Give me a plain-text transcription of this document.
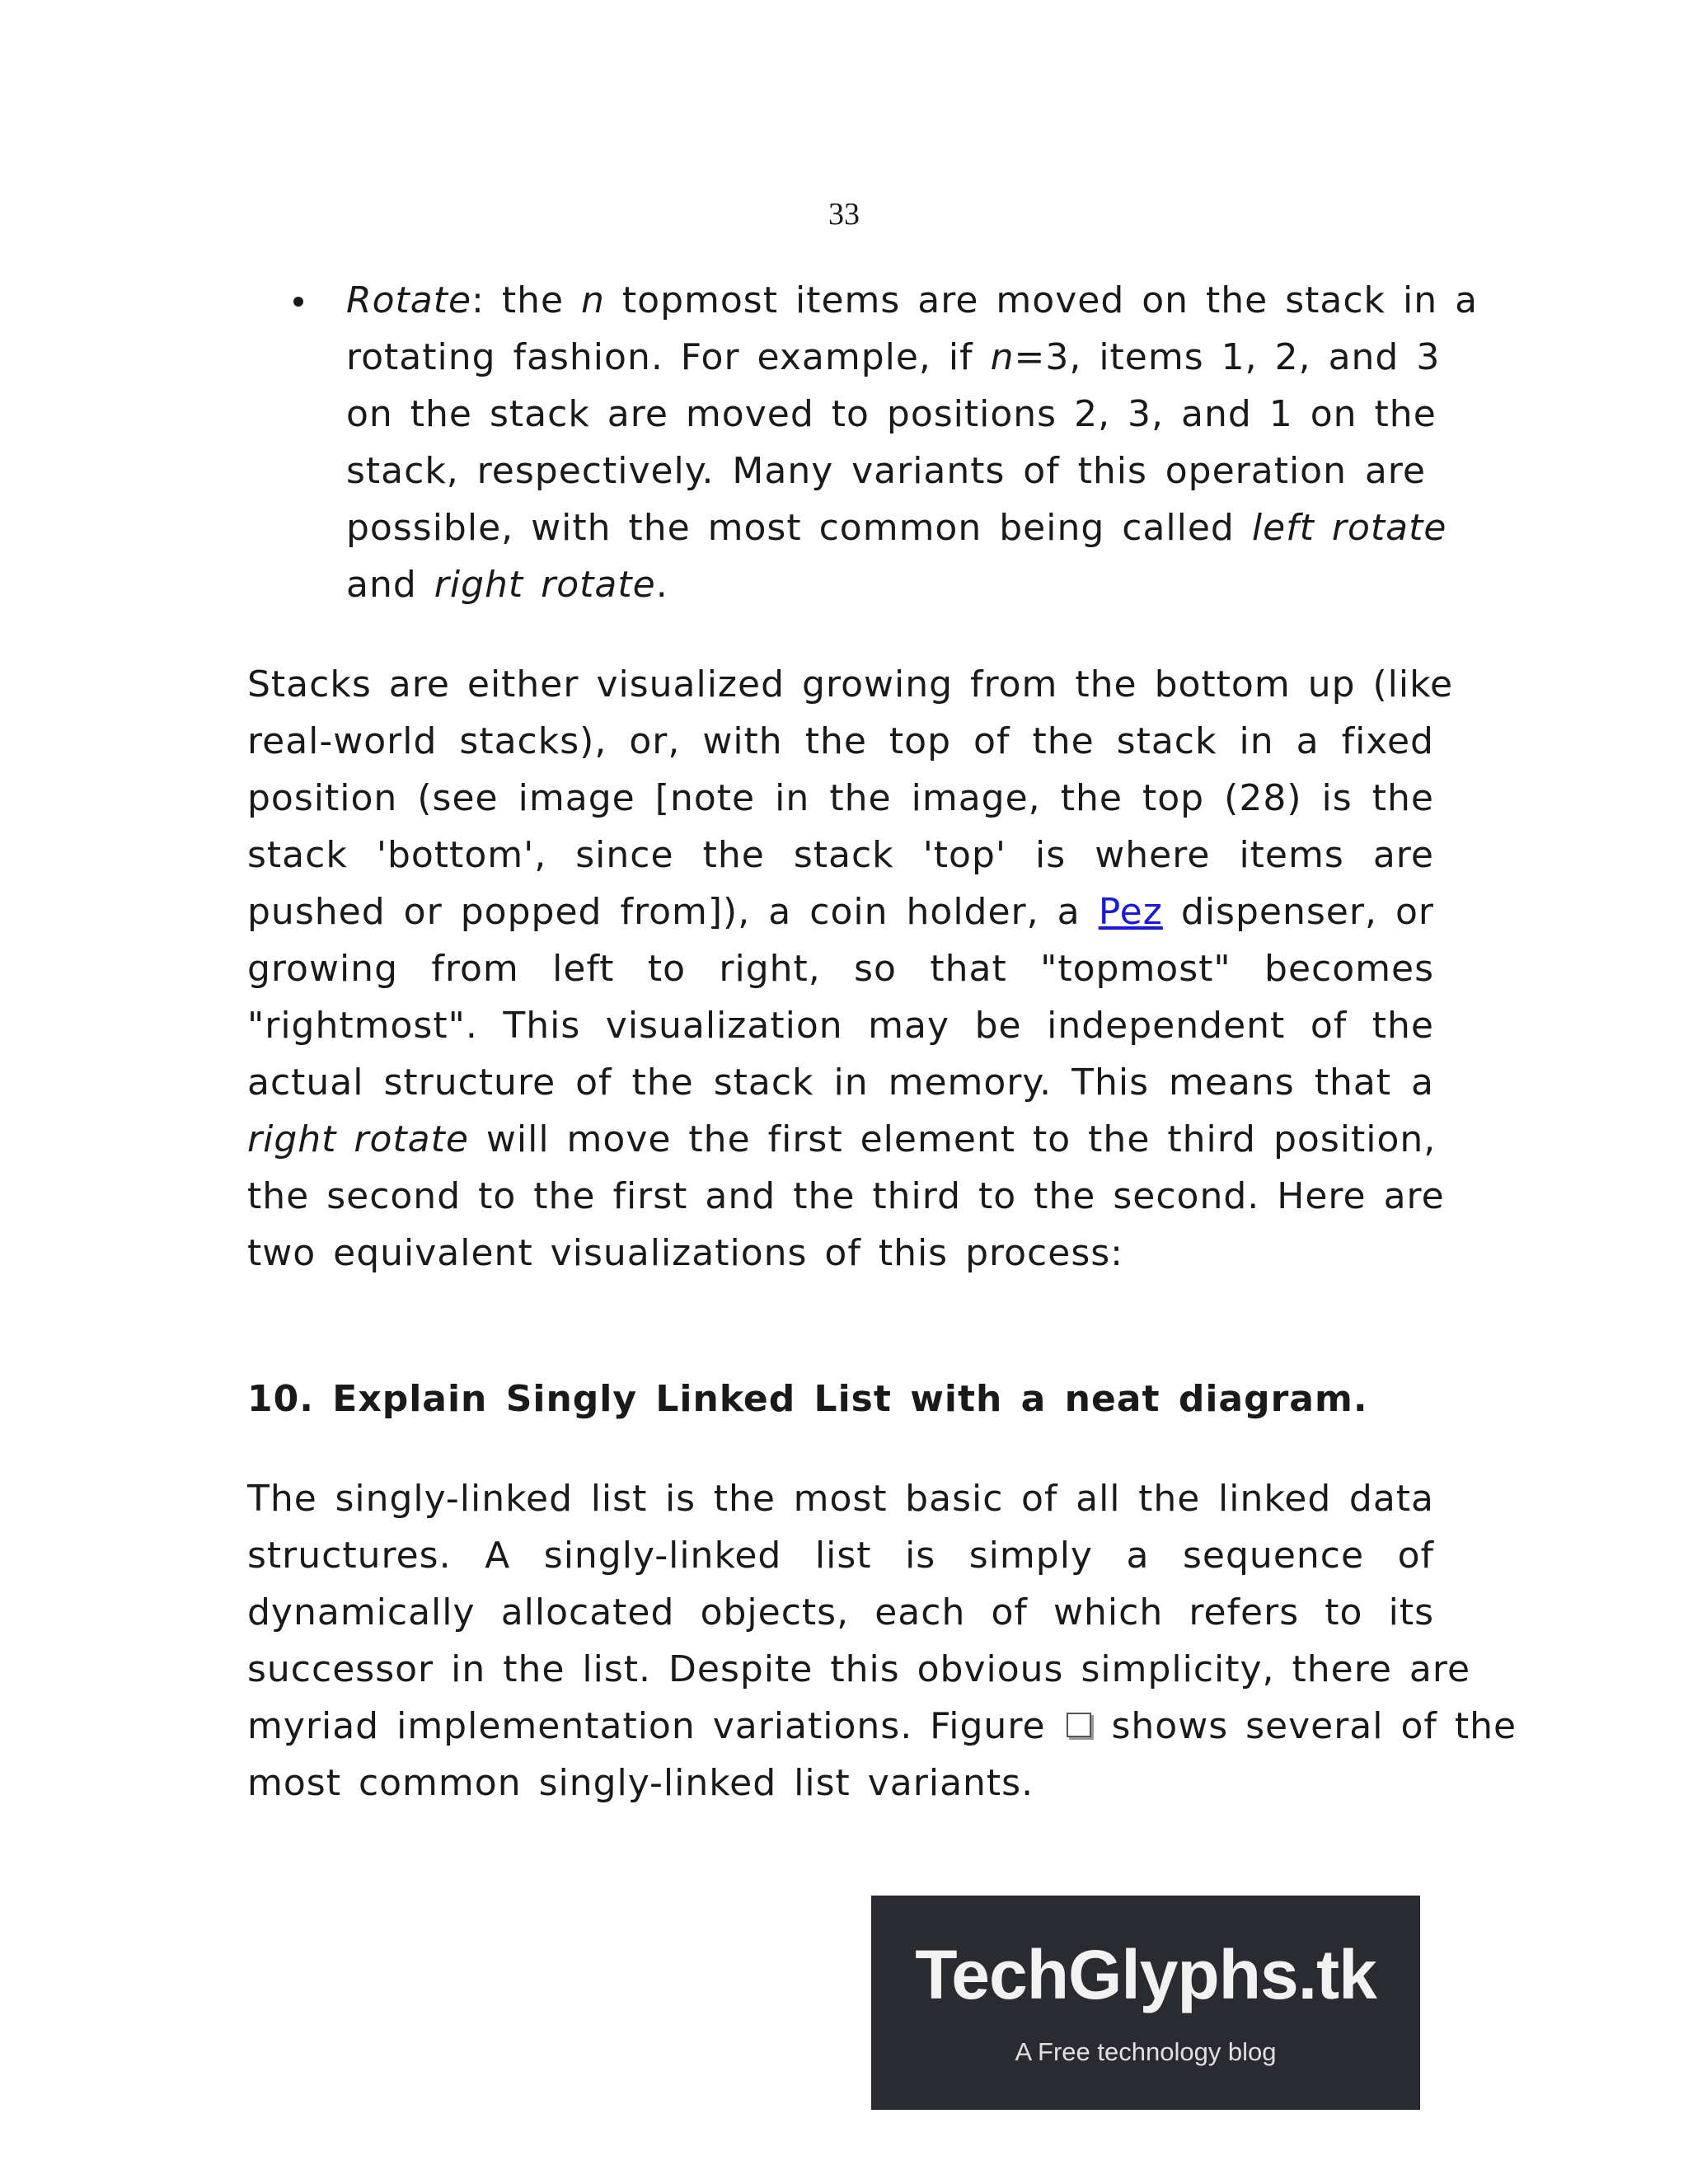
33
Rotate: the n topmost items are moved on the stack in a
rotating fashion. For example, if n=3, items 1, 2, and 3
on the stack are moved to positions 2, 3, and 1 on the
stack, respectively. Many variants of this operation are
possible, with the most common being called left rotate
and right rotate.
Stacks are either visualized growing from the bottom up (like
real-world stacks), or, with the top of the stack in a fixed
position (see image [note in the image, the top (28) is the
stack 'bottom', since the stack 'top' is where items are
pushed or popped from]), a coin holder, a Pez dispenser, or
growing from left to right, so that "topmost" becomes
"rightmost". This visualization may be independent of the
actual structure of the stack in memory. This means that a
right rotate will move the first element to the third position,
the second to the first and the third to the second. Here are
two equivalent visualizations of this process:
10. Explain Singly Linked List with a neat diagram.
The singly-linked list is the most basic of all the linked data
structures. A singly-linked list is simply a sequence of
dynamically allocated objects, each of which refers to its
successor in the list. Despite this obvious simplicity, there are
myriad implementation variations. Figure  shows several of the
most common singly-linked list variants.
TechGlyphs.tk
A Free technology blog
